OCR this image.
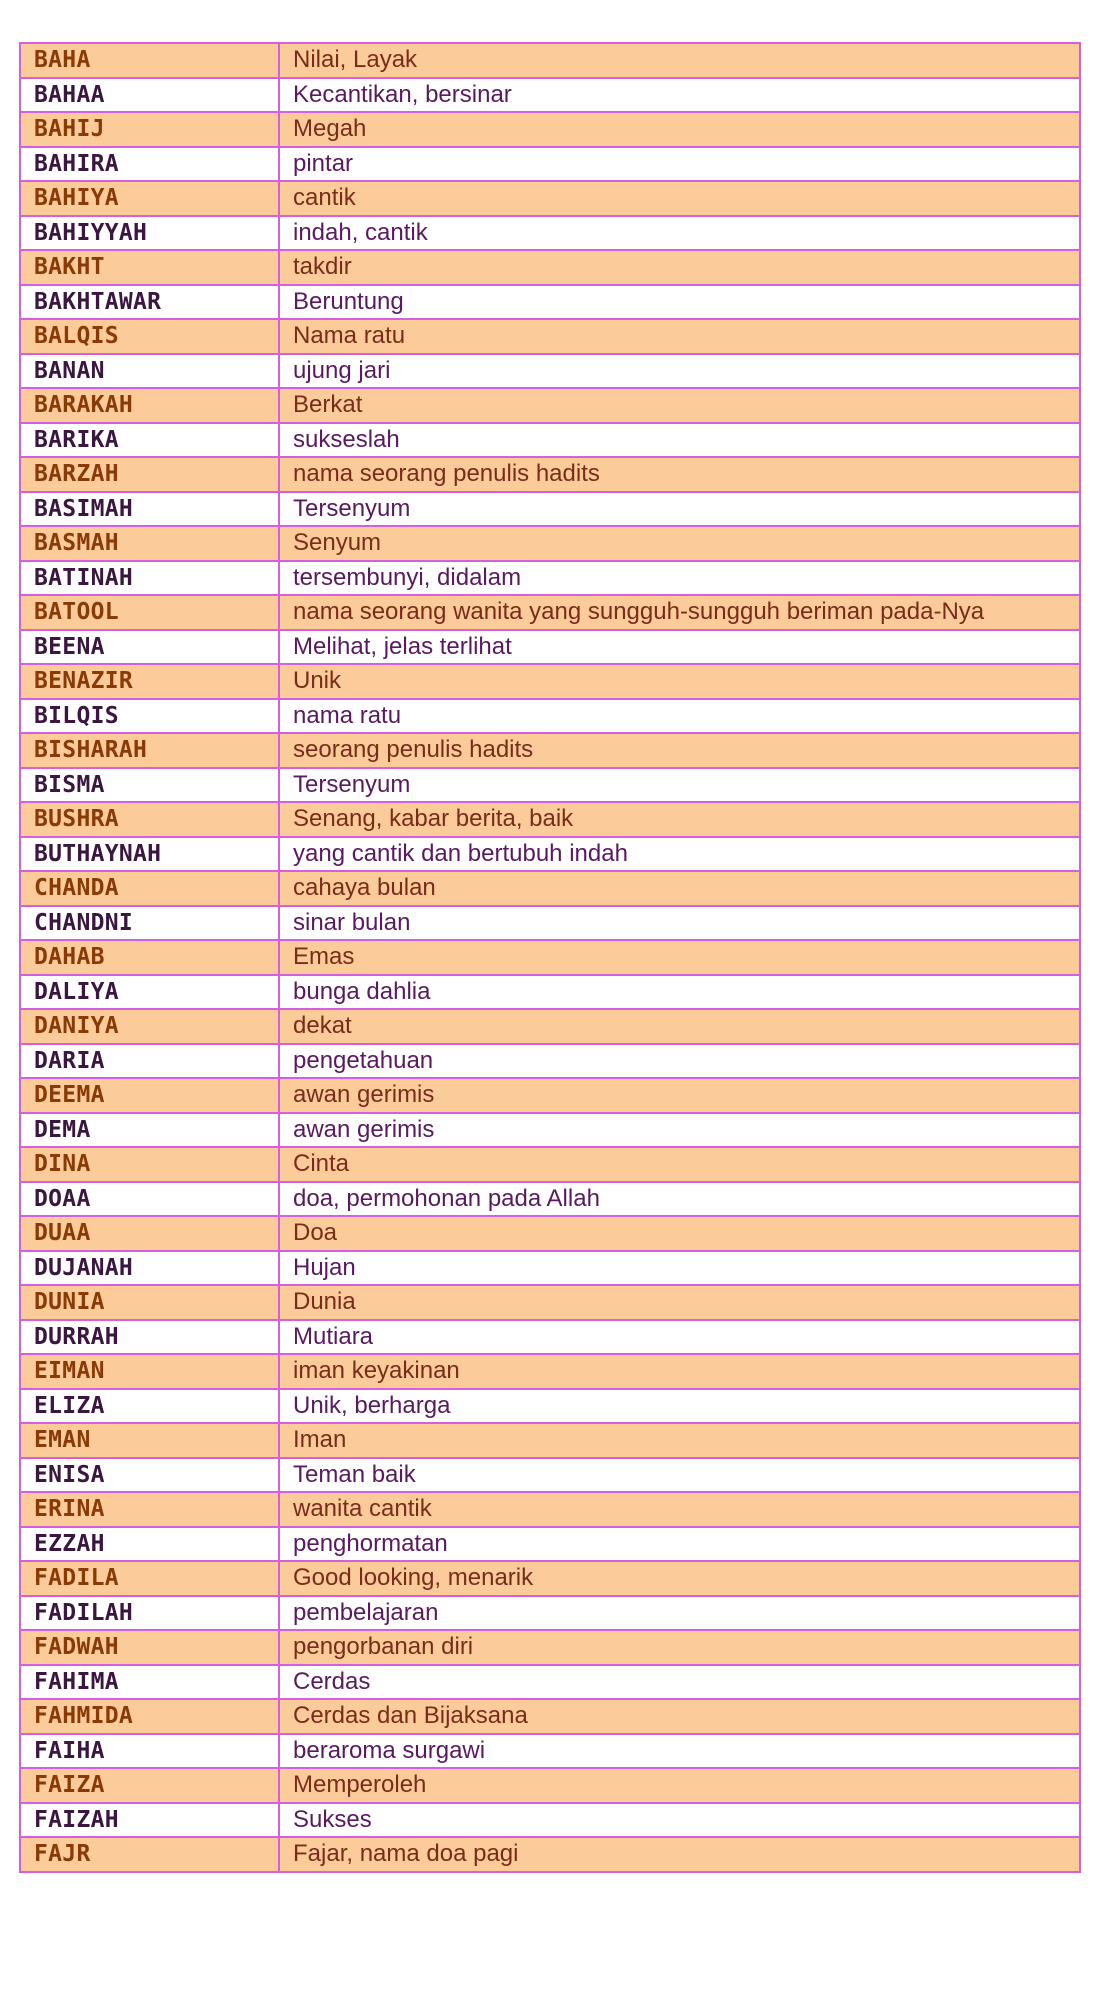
BAHA	Nilai, Layak
BAHAA	Kecantikan, bersinar
BAHIJ	Megah
BAHIRA	pintar
BAHIYA	cantik
BAHIYYAH	indah, cantik
BAKHT	takdir
BAKHTAWAR	Beruntung
BALQIS	Nama ratu
BANAN	ujung jari
BARAKAH	Berkat
BARIKA	sukseslah
BARZAH	nama seorang penulis hadits
BASIMAH	Tersenyum
BASMAH	Senyum
BATINAH	tersembunyi, didalam
BATOOL	nama seorang wanita yang sungguh-sungguh beriman pada-Nya
BEENA	Melihat, jelas terlihat
BENAZIR	Unik
BILQIS	nama ratu
BISHARAH	seorang penulis hadits
BISMA	Tersenyum
BUSHRA	Senang, kabar berita, baik
BUTHAYNAH	yang cantik dan bertubuh indah
CHANDA	cahaya bulan
CHANDNI	sinar bulan
DAHAB	Emas
DALIYA	bunga dahlia
DANIYA	dekat
DARIA	pengetahuan
DEEMA	awan gerimis
DEMA	awan gerimis
DINA	Cinta
DOAA	doa, permohonan pada Allah
DUAA	Doa
DUJANAH	Hujan
DUNIA	Dunia
DURRAH	Mutiara
EIMAN	iman keyakinan
ELIZA	Unik, berharga
EMAN	Iman
ENISA	Teman baik
ERINA	wanita cantik
EZZAH	penghormatan
FADILA	Good looking, menarik
FADILAH	pembelajaran
FADWAH	pengorbanan diri
FAHIMA	Cerdas
FAHMIDA	Cerdas dan Bijaksana
FAIHA	beraroma surgawi
FAIZA	Memperoleh
FAIZAH	Sukses
FAJR	Fajar, nama doa pagi
